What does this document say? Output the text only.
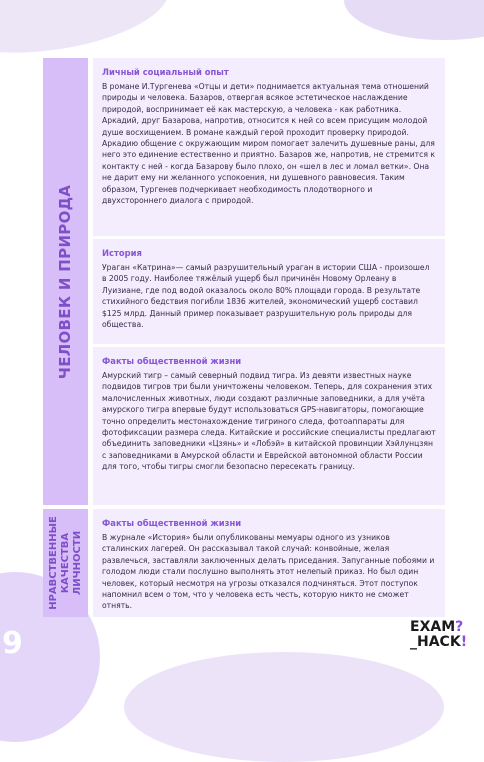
ЧЕЛОВЕК И ПРИРОДА
НРАВСТВЕННЫЕ
КАЧЕСТВА
ЛИЧНОСТИ
Личный социальный опыт

В романе И.Тургенева «Отцы и дети» поднимается актуальная тема отношений природы и человека. Базаров, отвергая всякое эстетическое наслаждение природой, воспринимает её как мастерскую, а человека - как работника. Аркадий, друг Базарова, напротив, относится к ней со всем присущим молодой душе восхищением. В романе каждый герой проходит проверку природой. Аркадию общение с окружающим миром помогает залечить душевные раны, для него это единение естественно и приятно. Базаров же, напротив, не стремится к контакту с ней - когда Базарову было плохо, он «шел в лес и ломал ветки». Она не дарит ему ни желанного успокоения, ни душевного равновесия. Таким образом, Тургенев подчеркивает необходимость плодотворного и двухстороннего диалога с природой.

История

Ураган «Катрина»— самый разрушительный ураган в истории США - произошел в 2005 году. Наиболее тяжёлый ущерб был причинён Новому Орлеану в Луизиане, где под водой оказалось около 80% площади города. В результате стихийного бедствия погибли 1836 жителей, экономический ущерб составил $125 млрд. Данный пример показывает разрушительную роль природы для общества.

Факты общественной жизни

Амурский тигр – самый северный подвид тигра. Из девяти известных науке подвидов тигров три были уничтожены человеком. Теперь, для сохранения этих малочисленных животных, люди создают различные заповедники, а для учёта амурского тигра впервые будут использоваться GPS-навигаторы, помогающие точно определить местонахождение тигриного следа, фотоаппараты для фотофиксации размера следа. Китайские и российские специалисты предлагают объединить заповедники «Цзянь» и «Лобэй» в китайской провинции Хэйлунцзян с заповедниками в Амурской области и Еврейской автономной области России для того, чтобы тигры смогли безопасно пересекать границу.

Факты общественной жизни

В журнале «История» были опубликованы мемуары одного из узников сталинских лагерей. Он рассказывал такой случай: конвойные, желая развлечься, заставляли заключенных делать приседания. Запуганные побоями и голодом люди стали послушно выполнять этот нелепый приказ. Но был один человек, который несмотря на угрозы отказался подчиняться. Этот поступок напомнил всем о том, что у человека есть честь, которую никто не сможет отнять.

9	EXAM?
_HACK!
